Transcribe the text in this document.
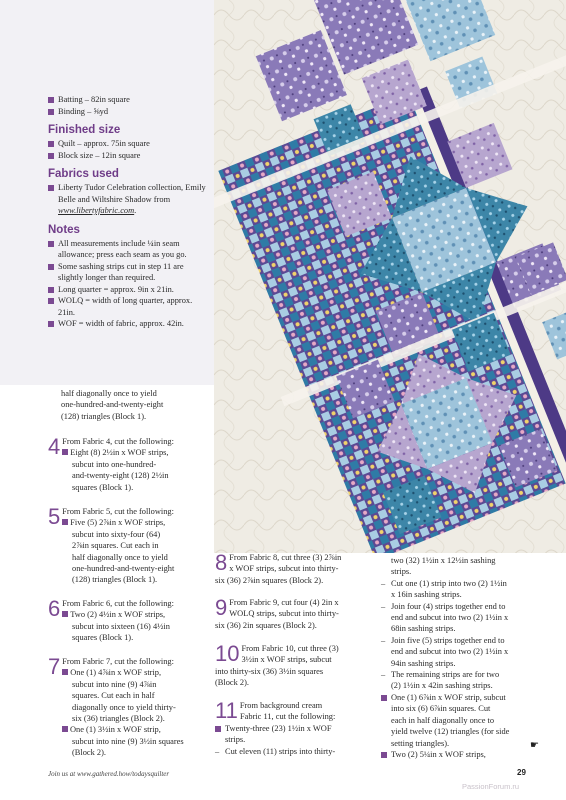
Batting – 82in square
Binding – ⅝yd
Finished size
Quilt – approx. 75in square
Block size – 12in square
Fabrics used
Liberty Tudor Celebration collection, Emily Belle and Wiltshire Shadow from www.libertyfabric.com.
Notes
All measurements include ¼in seam allowance; press each seam as you go.
Some sashing strips cut in step 11 are slightly longer than required.
Long quarter = approx. 9in x 21in.
WOLQ = width of long quarter, approx. 21in.
WOF = width of fabric, approx. 42in.
half diagonally once to yield
one-hundred-and-twenty-eight
(128) triangles (Block 1).
4 From Fabric 4, cut the following:
Eight (8) 2½in x WOF strips,
subcut into one-hundred-
and-twenty-eight (128) 2½in
squares (Block 1).
5 From Fabric 5, cut the following:
Five (5) 2⅞in x WOF strips,
subcut into sixty-four (64)
2⅞in squares. Cut each in
half diagonally once to yield
one-hundred-and-twenty-eight
(128) triangles (Block 1).
6 From Fabric 6, cut the following:
Two (2) 4½in x WOF strips,
subcut into sixteen (16) 4½in
squares (Block 1).
7 From Fabric 7, cut the following:
One (1) 4⅞in x WOF strip,
subcut into nine (9) 4⅞in
squares. Cut each in half
diagonally once to yield thirty-
six (36) triangles (Block 2).
One (1) 3½in x WOF strip,
subcut into nine (9) 3½in squares
(Block 2).
8 From Fabric 8, cut three (3) 2⅞in
x WOF strips, subcut into thirty-
six (36) 2⅞in squares (Block 2).
9 From Fabric 9, cut four (4) 2in x
WOLQ strips, subcut into thirty-
six (36) 2in squares (Block 2).
10 From Fabric 10, cut three (3)
3½in x WOF strips, subcut
into thirty-six (36) 3½in squares
(Block 2).
11 From background cream
Fabric 11, cut the following:
Twenty-three (23) 1½in x WOF
strips.
– Cut eleven (11) strips into thirty-
two (32) 1½in x 12½in sashing
strips.
– Cut one (1) strip into two (2) 1½in
x 16in sashing strips.
– Join four (4) strips together end to
end and subcut into two (2) 1½in x
68in sashing strips.
– Join five (5) strips together end to
end and subcut into two (2) 1½in x
94in sashing strips.
– The remaining strips are for two
(2) 1½in x 42in sashing strips.
One (1) 6⅞in x WOF strip, subcut
into six (6) 6⅞in squares. Cut
each in half diagonally once to
yield twelve (12) triangles (for side
setting triangles).
Two (2) 5¼in x WOF strips,
☛
Join us at www.gathered.how/todaysquilter	29
PassionForum.ru
